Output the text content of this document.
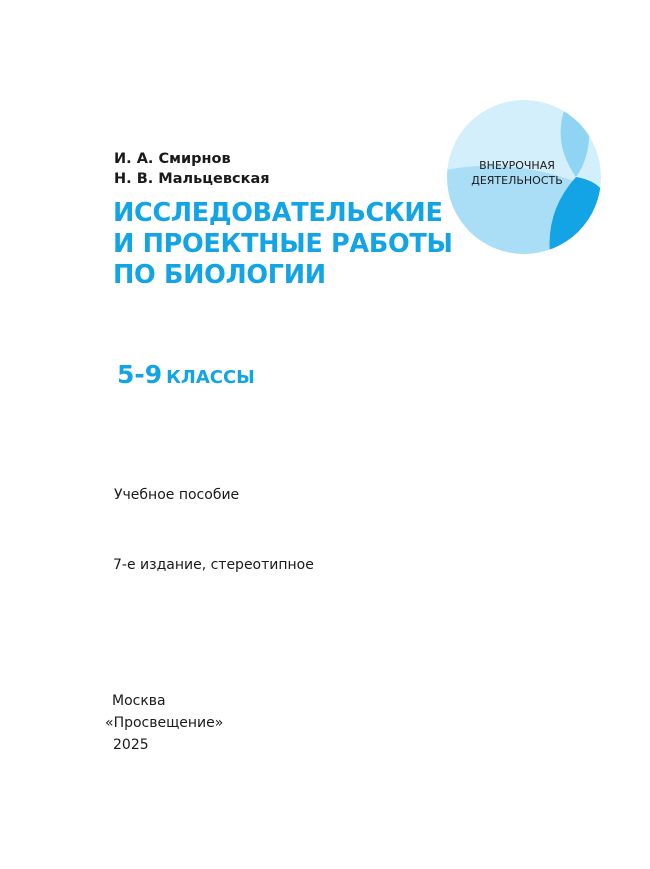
И. А. Смирнов
Н. В. Мальцевская
ИССЛЕДОВАТЕЛЬСКИЕ
И ПРОЕКТНЫЕ РАБОТЫ
ПО БИОЛОГИИ
5-9 КЛАССЫ
Учебное пособие
7-е издание, стереотипное
Москва
«Просвещение»
2025
ВНЕУРОЧНАЯ
ДЕЯТЕЛЬНОСТЬ
